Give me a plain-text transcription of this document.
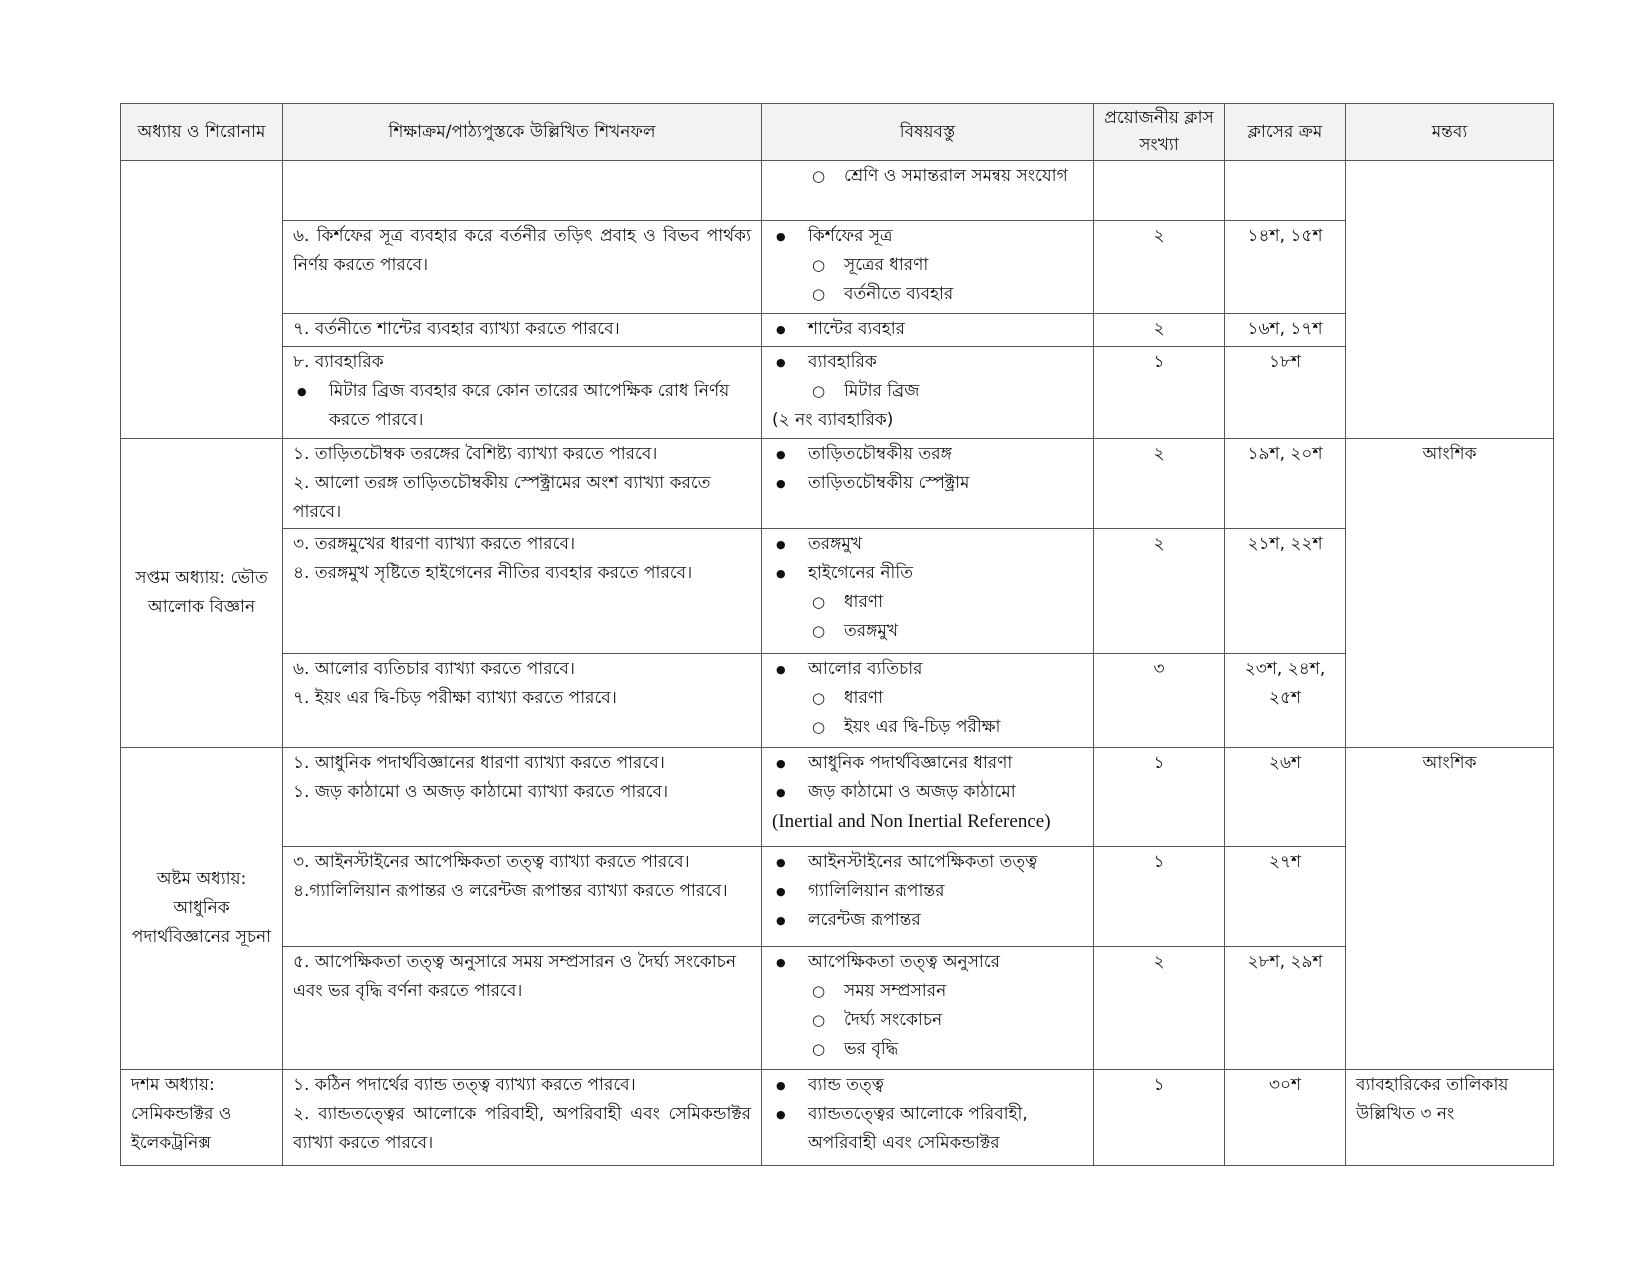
অধ্যায় ও শিরোনাম	শিক্ষাক্রম/পাঠ্যপুস্তকে উল্লিখিত শিখনফল	বিষয়বস্তু	প্রয়োজনীয় ক্লাস সংখ্যা	ক্লাসের ক্রম	মন্তব্য

		○ শ্রেণি ও সমান্তরাল সমন্বয় সংযোগ

	৬. কির্শফের সূত্র ব্যবহার করে বর্তনীর তড়িৎ প্রবাহ ও বিভব পার্থক্য নির্ণয় করতে পারবে।	● কির্শফের সূত্র
○ সূত্রের ধারণা
○ বর্তনীতে ব্যবহার	২	১৪শ, ১৫শ	

	৭. বর্তনীতে শান্টের ব্যবহার ব্যাখ্যা করতে পারবে।	● শান্টের ব্যবহার	২	১৬শ, ১৭শ	

	৮. ব্যাবহারিক
● মিটার ব্রিজ ব্যবহার করে কোন তারের আপেক্ষিক রোধ নির্ণয় করতে পারবে।	● ব্যাবহারিক
○ মিটার ব্রিজ
(২ নং ব্যাবহারিক)	১	১৮শ	
সপ্তম অধ্যায়: ভৌত আলোক বিজ্ঞান	১. তাড়িতচৌম্বক তরঙ্গের বৈশিষ্ট্য ব্যাখ্যা করতে পারবে।
২. আলো তরঙ্গ তাড়িতচৌম্বকীয় স্পেক্ট্রামের অংশ ব্যাখ্যা করতে পারবে।	● তাড়িতচৌম্বকীয় তরঙ্গ
● তাড়িতচৌম্বকীয় স্পেক্ট্রাম	২	১৯শ, ২০শ	আংশিক

	৩. তরঙ্গমুখের ধারণা ব্যাখ্যা করতে পারবে।
৪. তরঙ্গমুখ সৃষ্টিতে হাইগেনের নীতির ব্যবহার করতে পারবে।	● তরঙ্গমুখ
● হাইগেনের নীতি
○ ধারণা
○ তরঙ্গমুখ	২	২১শ, ২২শ	

	৬. আলোর ব্যতিচার ব্যাখ্যা করতে পারবে।
৭. ইয়ং এর দ্বি-চিড় পরীক্ষা ব্যাখ্যা করতে পারবে।	● আলোর ব্যতিচার
○ ধারণা
○ ইয়ং এর দ্বি-চিড় পরীক্ষা	৩	২৩শ, ২৪শ, ২৫শ	
অষ্টম অধ্যায়: আধুনিক পদার্থবিজ্ঞানের সূচনা	১. আধুনিক পদার্থবিজ্ঞানের ধারণা ব্যাখ্যা করতে পারবে।
১. জড় কাঠামো ও অজড় কাঠামো ব্যাখ্যা করতে পারবে।	● আধুনিক পদার্থবিজ্ঞানের ধারণা
● জড় কাঠামো ও অজড় কাঠামো
(Inertial and Non Inertial Reference)	১	২৬শ	আংশিক

	৩. আইনস্টাইনের আপেক্ষিকতা তত্ত্ব ব্যাখ্যা করতে পারবে।
৪.গ্যালিলিয়ান রূপান্তর ও লরেন্টজ রূপান্তর ব্যাখ্যা করতে পারবে।	● আইনস্টাইনের আপেক্ষিকতা তত্ত্ব
● গ্যালিলিয়ান রূপান্তর
● লরেন্টজ রূপান্তর	১	২৭শ	

	৫. আপেক্ষিকতা তত্ত্ব অনুসারে সময় সম্প্রসারন ও দৈর্ঘ্য সংকোচন এবং ভর বৃদ্ধি বর্ণনা করতে পারবে।	● আপেক্ষিকতা তত্ত্ব অনুসারে
○ সময় সম্প্রসারন
○ দৈর্ঘ্য সংকোচন
○ ভর বৃদ্ধি	২	২৮শ, ২৯শ	
দশম অধ্যায়: সেমিকন্ডাক্টর ও ইলেকট্রনিক্স	১. কঠিন পদার্থের ব্যান্ড তত্ত্ব ব্যাখ্যা করতে পারবে।
২. ব্যান্ডতত্ত্বের আলোকে পরিবাহী, অপরিবাহী এবং সেমিকন্ডাক্টর ব্যাখ্যা করতে পারবে।	● ব্যান্ড তত্ত্ব
● ব্যান্ডতত্ত্বের আলোকে পরিবাহী, অপরিবাহী এবং সেমিকন্ডাক্টর	১	৩০শ	ব্যাবহারিকের তালিকায় উল্লিখিত ৩ নং
